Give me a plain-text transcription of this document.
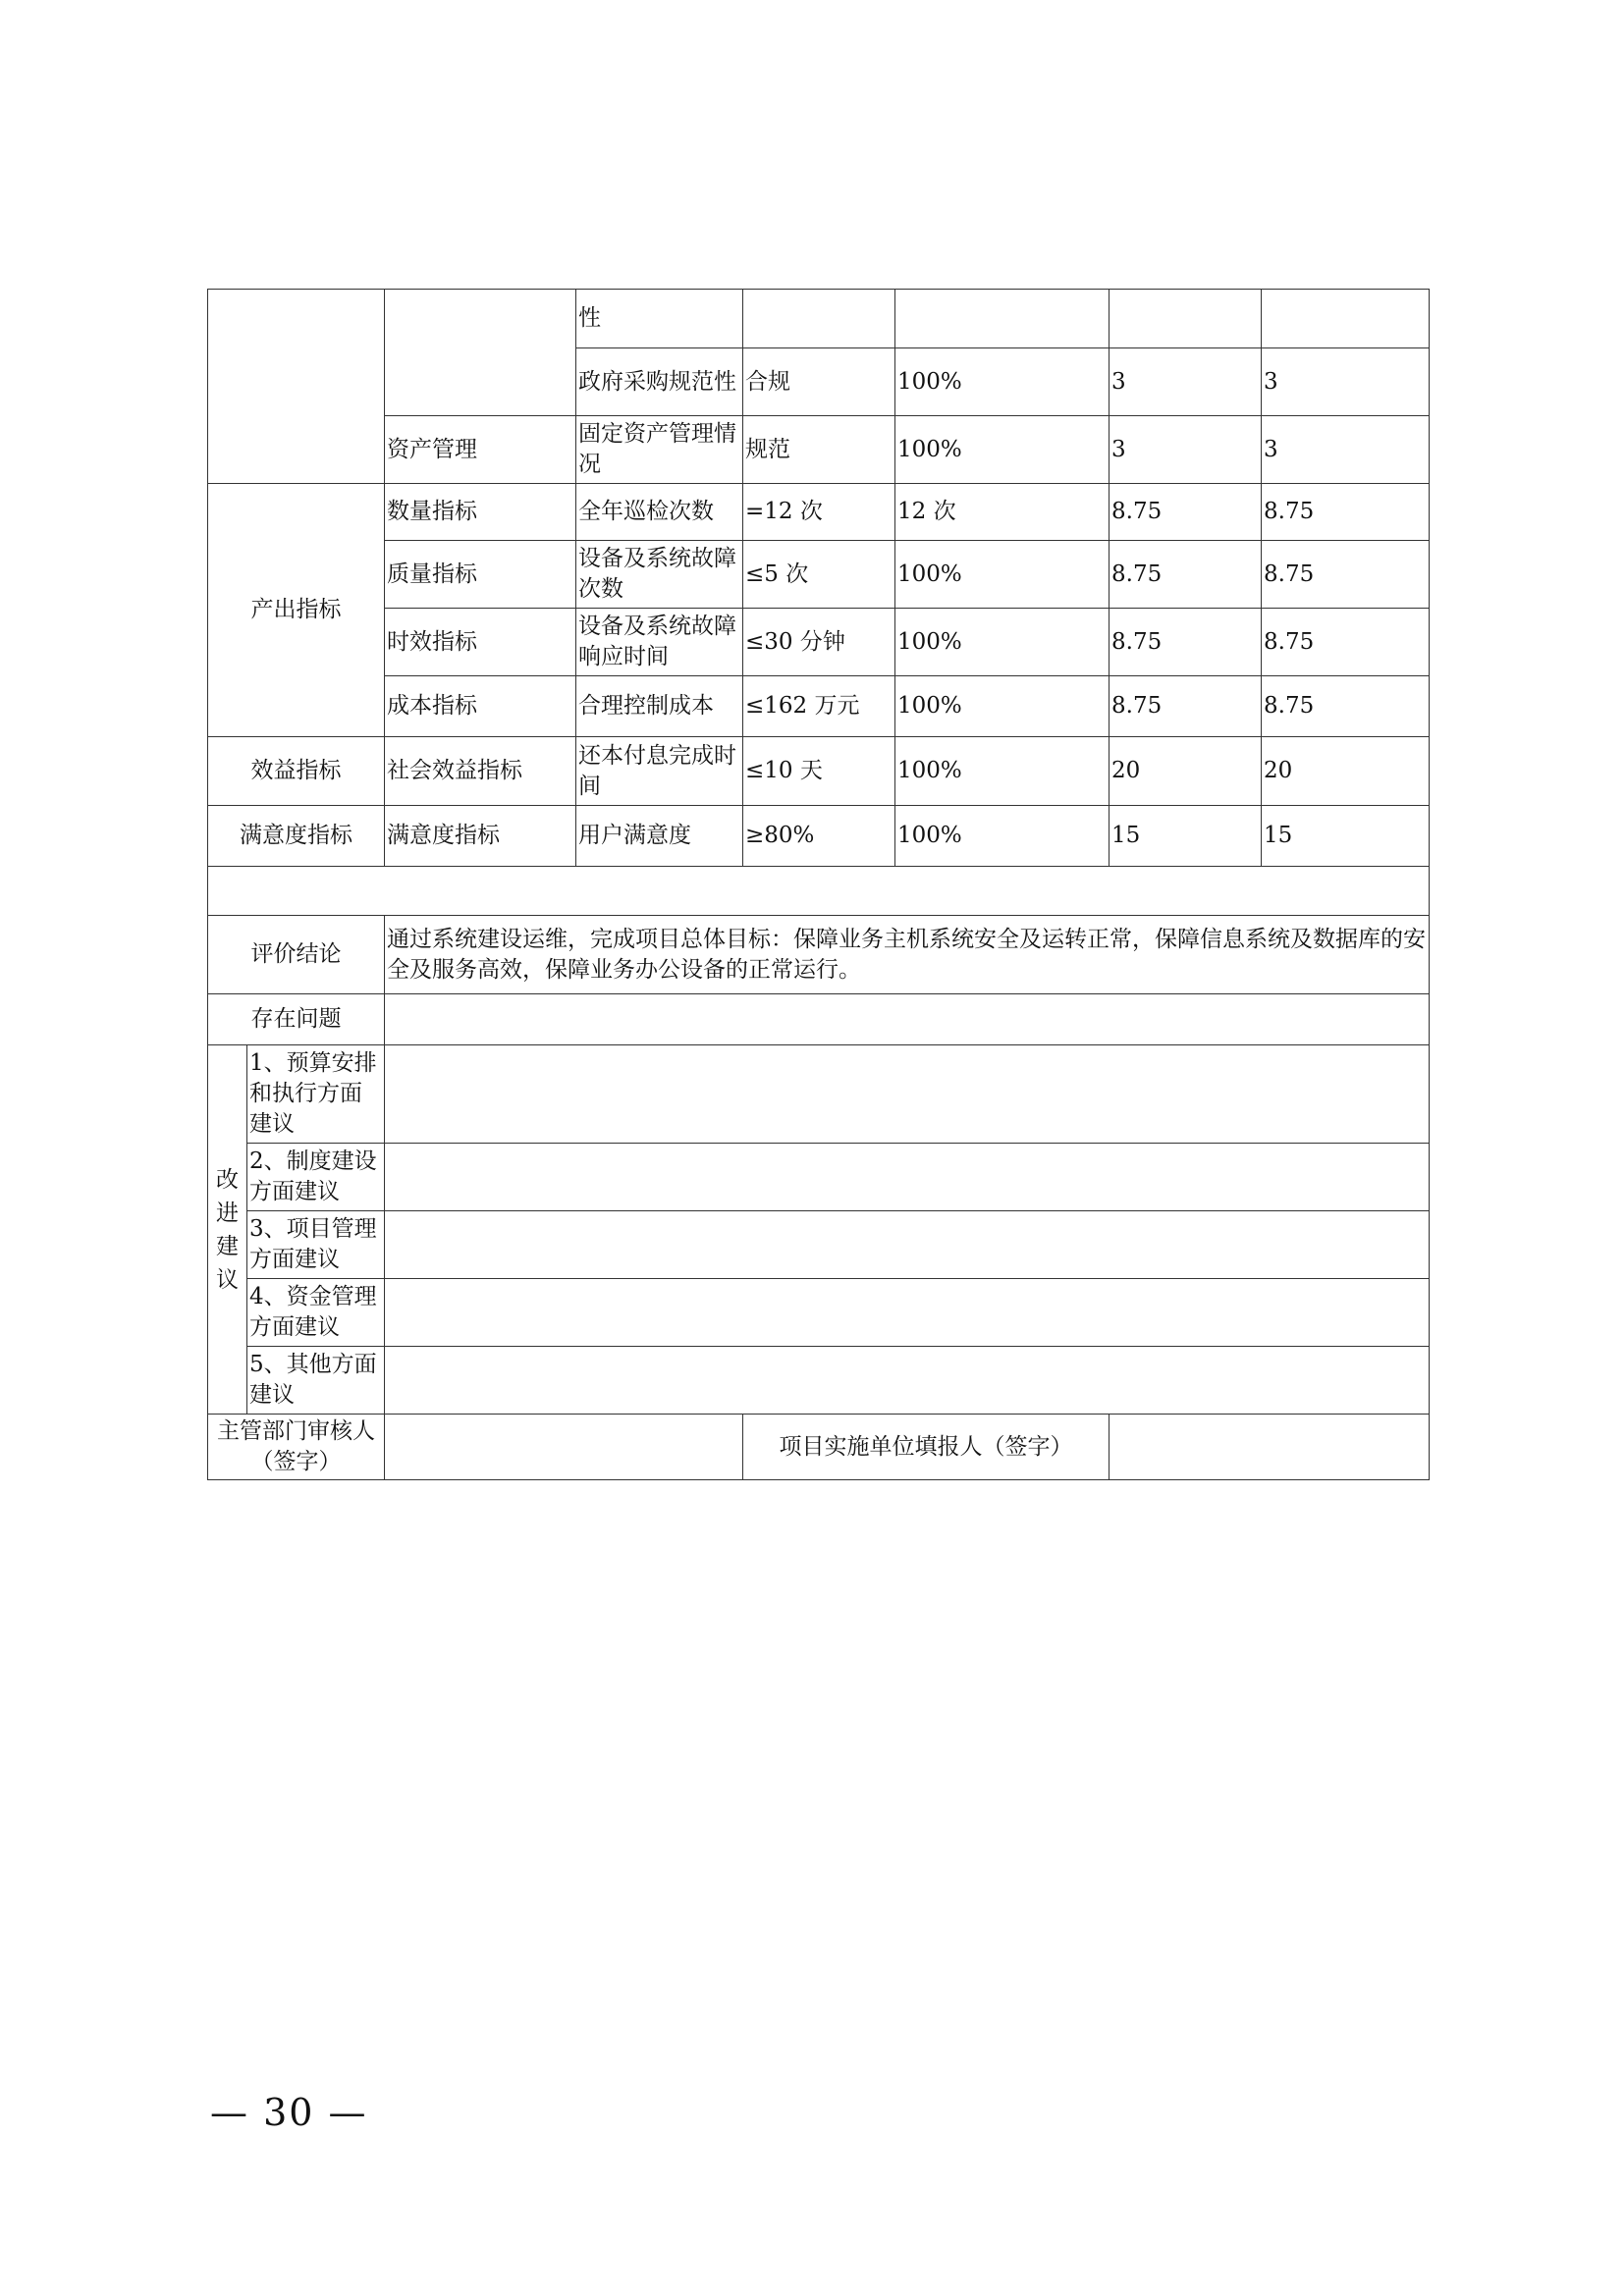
			性				
			政府采购规范性	合规	100%	3	3
		资产管理	固定资产管理情况	规范	100%	3	3
产出指标		数量指标	全年巡检次数	=12 次	12 次	8.75	8.75
		质量指标	设备及系统故障次数	≤5 次	100%	8.75	8.75
		时效指标	设备及系统故障响应时间	≤30 分钟	100%	8.75	8.75
		成本指标	合理控制成本	≤162 万元	100%	8.75	8.75
效益指标		社会效益指标	还本付息完成时间	≤10 天	100%	20	20
满意度指标		满意度指标	用户满意度	≥80%	100%	15	15

评价结论		通过系统建设运维，完成项目总体目标：保障业务主机系统安全及运转正常，保障信息系统及数据库的安全及服务高效，保障业务办公设备的正常运行。					
存在问题							

改进建议	1、预算安排和执行方面建议						
	2、制度建设方面建议						
	3、项目管理方面建议						
	4、资金管理方面建议						
	5、其他方面建议						
主管部门审核人（签字）				项目实施单位填报人（签字）			
— 30 —
